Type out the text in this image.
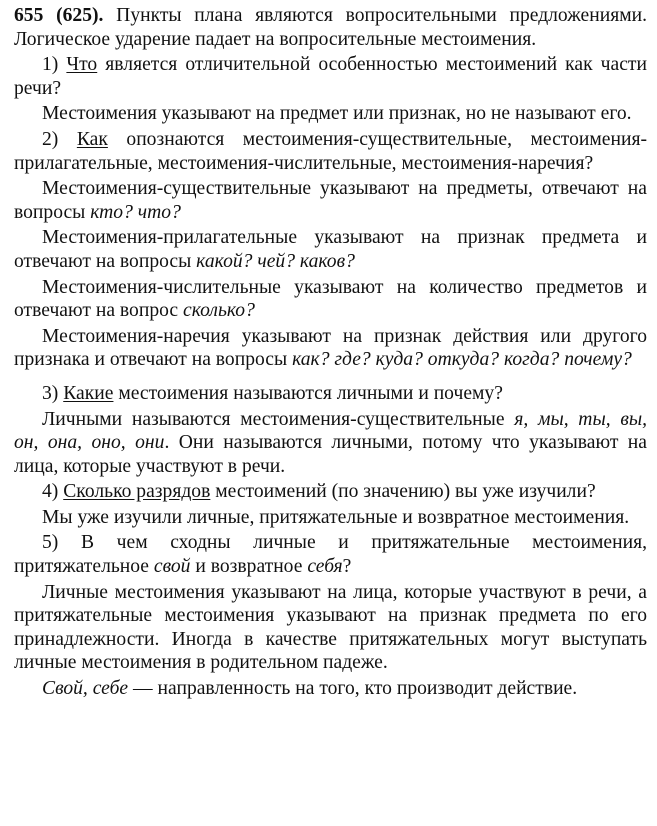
655 (625). Пункты плана являются вопросительными предложениями. Логическое ударение падает на вопросительные местоимения.

1) Что является отличительной особенностью местоимений как части речи?

Местоимения указывают на предмет или признак, но не называют его.

2) Как опознаются местоимения-существительные, местоимения-прилагательные, местоимения-числительные, местоимения-наречия?

Местоимения-существительные указывают на предметы, отвечают на вопросы кто? что?

Местоимения-прилагательные указывают на признак предмета и отвечают на вопросы какой? чей? каков?

Местоимения-числительные указывают на количество предметов и отвечают на вопрос сколько?

Местоимения-наречия указывают на признак действия или другого признака и отвечают на вопросы как? где? куда? откуда? когда? почему?

3) Какие местоимения называются личными и почему?

Личными называются местоимения-существительные я, мы, ты, вы, он, она, оно, они. Они называются личными, потому что указывают на лица, которые участвуют в речи.

4) Сколько разрядов местоимений (по значению) вы уже изучили?

Мы уже изучили личные, притяжательные и возвратное местоимения.

5) В чем сходны личные и притяжательные местоимения, притяжательное свой и возвратное себя?

Личные местоимения указывают на лица, которые участвуют в речи, а притяжательные местоимения указывают на признак предмета по его принадлежности. Иногда в качестве притяжательных могут выступать личные местоимения в родительном падеже.

Свой, себе — направленность на того, кто производит действие.
